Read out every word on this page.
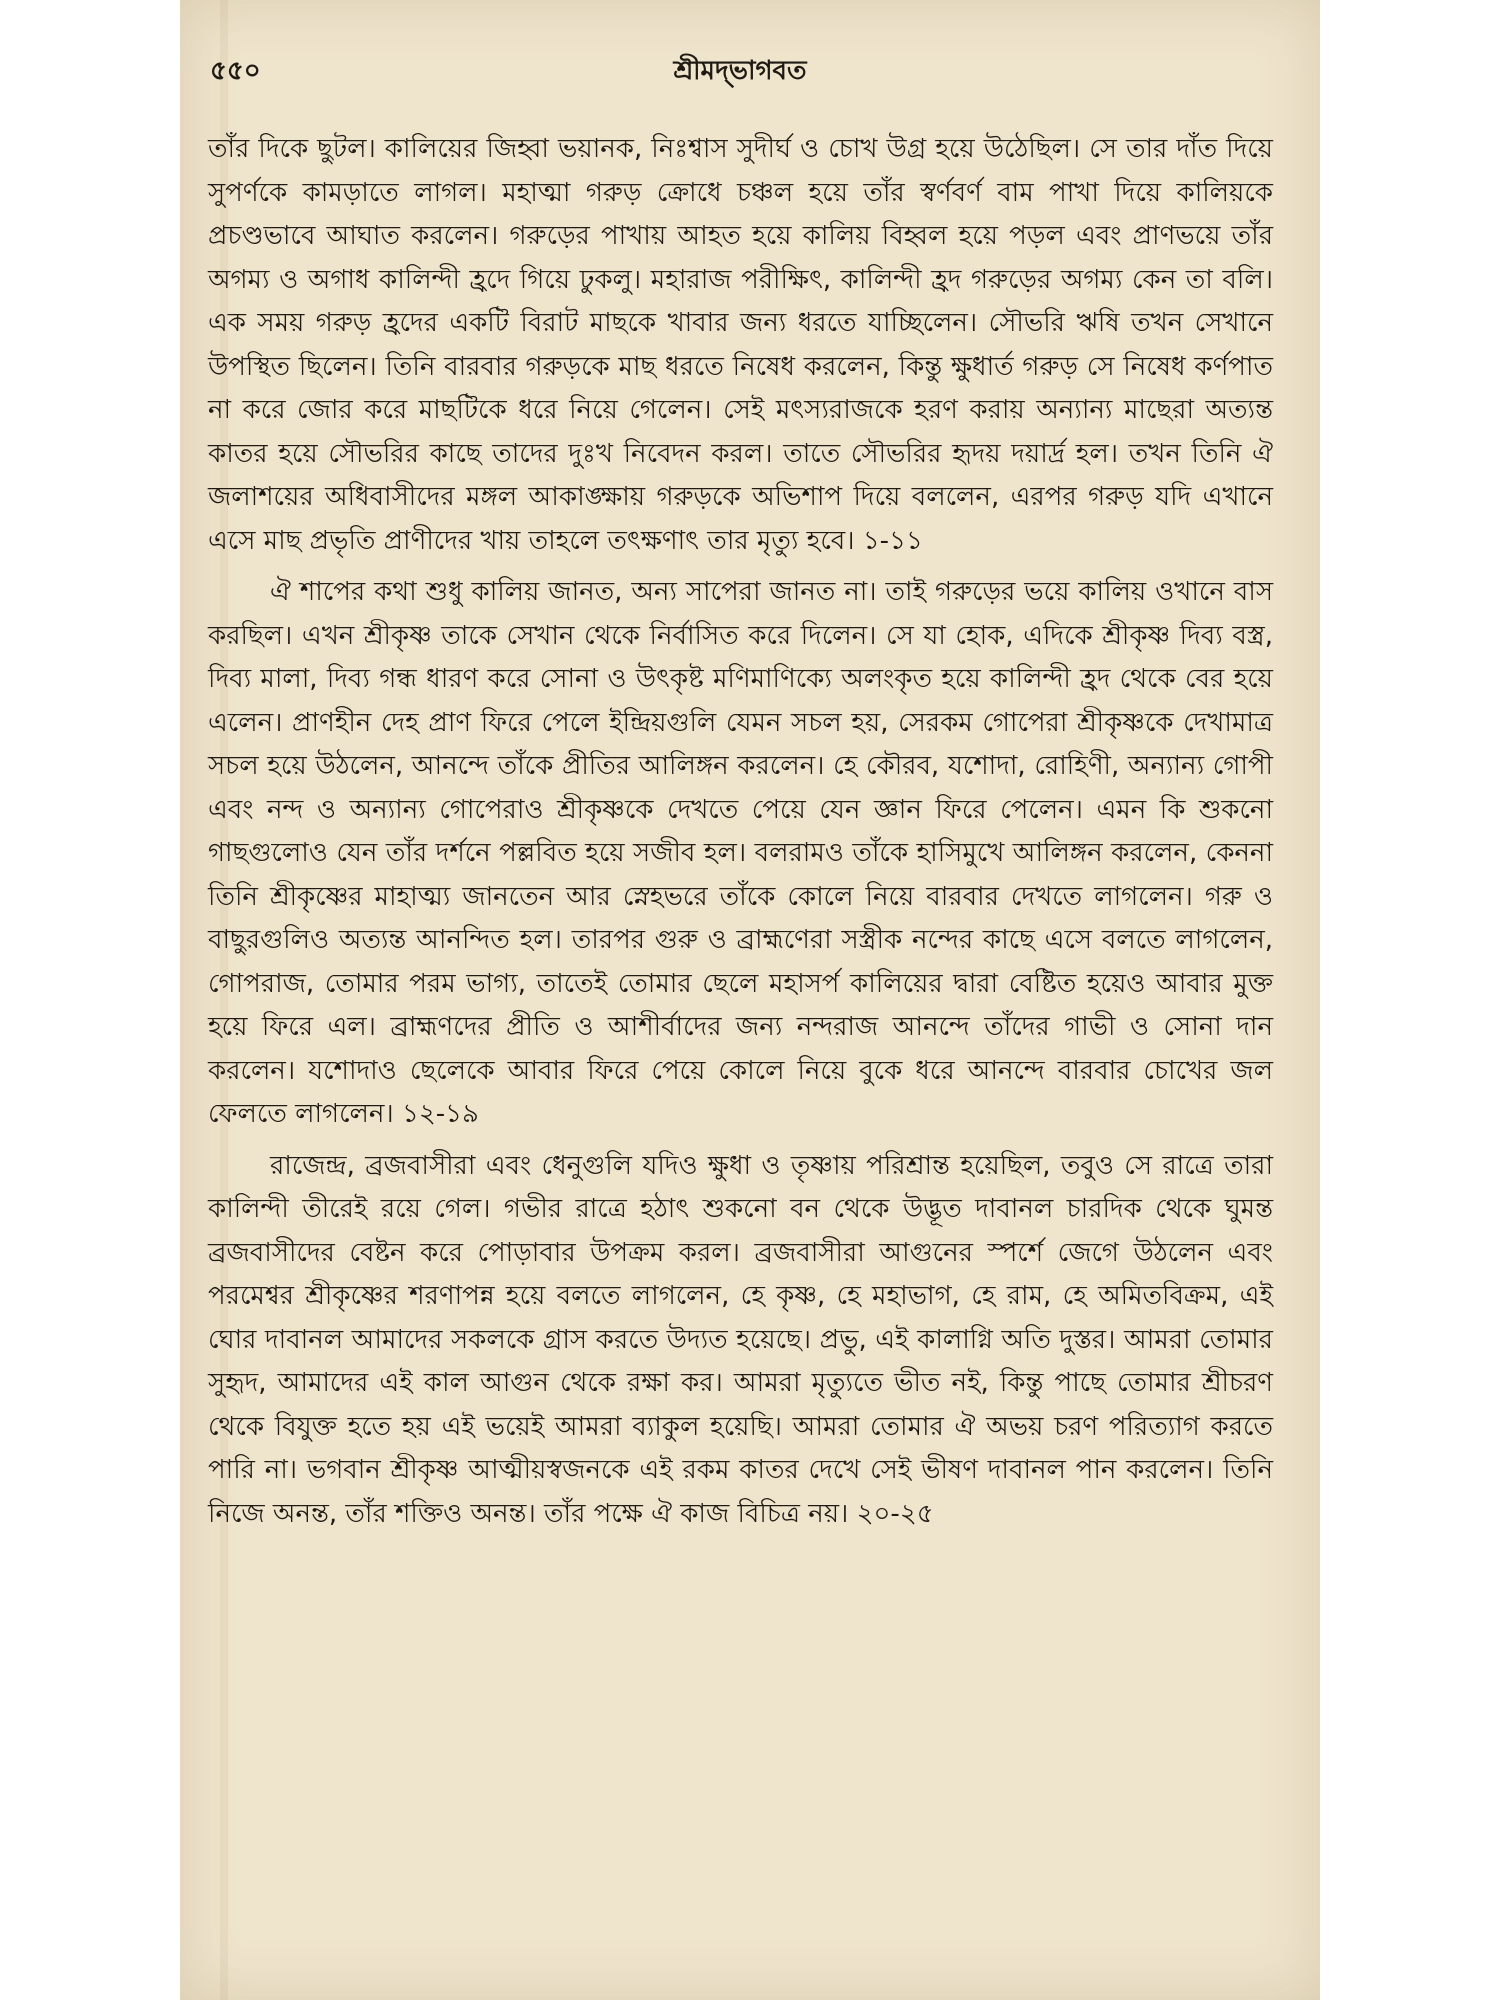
৫৫০	শ্রীমদ্‌ভাগবত

তাঁর দিকে ছুটল। কালিয়ের জিহ্বা ভয়ানক, নিঃশ্বাস সুদীর্ঘ ও চোখ উগ্র হয়ে উঠেছিল। সে তার দাঁত দিয়ে সুপর্ণকে কামড়াতে লাগল। মহাত্মা গরুড় ক্রোধে চঞ্চল হয়ে তাঁর স্বর্ণবর্ণ বাম পাখা দিয়ে কালিয়কে প্রচণ্ডভাবে আঘাত করলেন। গরুড়ের পাখায় আহত হয়ে কালিয় বিহ্বল হয়ে পড়ল এবং প্রাণভয়ে তাঁর অগম্য ও অগাধ কালিন্দী হ্রদে গিয়ে ঢুকলু। মহারাজ পরীক্ষিৎ, কালিন্দী হ্রদ গরুড়ের অগম্য কেন তা বলি। এক সময় গরুড় হ্রদের একটি বিরাট মাছকে খাবার জন্য ধরতে যাচ্ছিলেন। সৌভরি ঋষি তখন সেখানে উপস্থিত ছিলেন। তিনি বারবার গরুড়কে মাছ ধরতে নিষেধ করলেন, কিন্তু ক্ষুধার্ত গরুড় সে নিষেধ কর্ণপাত না করে জোর করে মাছটিকে ধরে নিয়ে গেলেন। সেই মৎস্যরাজকে হরণ করায় অন্যান্য মাছেরা অত্যন্ত কাতর হয়ে সৌভরির কাছে তাদের দুঃখ নিবেদন করল। তাতে সৌভরির হৃদয় দয়ার্দ্র হল। তখন তিনি ঐ জলাশয়ের অধিবাসীদের মঙ্গল আকাঙ্ক্ষায় গরুড়কে অভিশাপ দিয়ে বললেন, এরপর গরুড় যদি এখানে এসে মাছ প্রভৃতি প্রাণীদের খায় তাহলে তৎক্ষণাৎ তার মৃত্যু হবে। ১-১১

ঐ শাপের কথা শুধু কালিয় জানত, অন্য সাপেরা জানত না। তাই গরুড়ের ভয়ে কালিয় ওখানে বাস করছিল। এখন শ্রীকৃষ্ণ তাকে সেখান থেকে নির্বাসিত করে দিলেন। সে যা হোক, এদিকে শ্রীকৃষ্ণ দিব্য বস্ত্র, দিব্য মালা, দিব্য গন্ধ ধারণ করে সোনা ও উৎকৃষ্ট মণিমাণিক্যে অলংকৃত হয়ে কালিন্দী হ্রদ থেকে বের হয়ে এলেন। প্রাণহীন দেহ প্রাণ ফিরে পেলে ইন্দ্রিয়গুলি যেমন সচল হয়, সেরকম গোপেরা শ্রীকৃষ্ণকে দেখামাত্র সচল হয়ে উঠলেন, আনন্দে তাঁকে প্রীতির আলিঙ্গন করলেন। হে কৌরব, যশোদা, রোহিণী, অন্যান্য গোপী এবং নন্দ ও অন্যান্য গোপেরাও শ্রীকৃষ্ণকে দেখতে পেয়ে যেন জ্ঞান ফিরে পেলেন। এমন কি শুকনো গাছগুলোও যেন তাঁর দর্শনে পল্লবিত হয়ে সজীব হল। বলরামও তাঁকে হাসিমুখে আলিঙ্গন করলেন, কেননা তিনি শ্রীকৃষ্ণের মাহাত্ম্য জানতেন আর স্নেহভরে তাঁকে কোলে নিয়ে বারবার দেখতে লাগলেন। গরু ও বাছুরগুলিও অত্যন্ত আনন্দিত হল। তারপর গুরু ও ব্রাহ্মণেরা সস্ত্রীক নন্দের কাছে এসে বলতে লাগলেন, গোপরাজ, তোমার পরম ভাগ্য, তাতেই তোমার ছেলে মহাসর্প কালিয়ের দ্বারা বেষ্টিত হয়েও আবার মুক্ত হয়ে ফিরে এল। ব্রাহ্মণদের প্রীতি ও আশীর্বাদের জন্য নন্দরাজ আনন্দে তাঁদের গাভী ও সোনা দান করলেন। যশোদাও ছেলেকে আবার ফিরে পেয়ে কোলে নিয়ে বুকে ধরে আনন্দে বারবার চোখের জল ফেলতে লাগলেন। ১২-১৯

রাজেন্দ্র, ব্রজবাসীরা এবং ধেনুগুলি যদিও ক্ষুধা ও তৃষ্ণায় পরিশ্রান্ত হয়েছিল, তবুও সে রাত্রে তারা কালিন্দী তীরেই রয়ে গেল। গভীর রাত্রে হঠাৎ শুকনো বন থেকে উদ্ভূত দাবানল চারদিক থেকে ঘুমন্ত ব্রজবাসীদের বেষ্টন করে পোড়াবার উপক্রম করল। ব্রজবাসীরা আগুনের স্পর্শে জেগে উঠলেন এবং পরমেশ্বর শ্রীকৃষ্ণের শরণাপন্ন হয়ে বলতে লাগলেন, হে কৃষ্ণ, হে মহাভাগ, হে রাম, হে অমিতবিক্রম, এই ঘোর দাবানল আমাদের সকলকে গ্রাস করতে উদ্যত হয়েছে। প্রভু, এই কালাগ্নি অতি দুস্তর। আমরা তোমার সুহৃদ, আমাদের এই কাল আগুন থেকে রক্ষা কর। আমরা মৃত্যুতে ভীত নই, কিন্তু পাছে তোমার শ্রীচরণ থেকে বিযুক্ত হতে হয় এই ভয়েই আমরা ব্যাকুল হয়েছি। আমরা তোমার ঐ অভয় চরণ পরিত্যাগ করতে পারি না। ভগবান শ্রীকৃষ্ণ আত্মীয়স্বজনকে এই রকম কাতর দেখে সেই ভীষণ দাবানল পান করলেন। তিনি নিজে অনন্ত, তাঁর শক্তিও অনন্ত। তাঁর পক্ষে ঐ কাজ বিচিত্র নয়। ২০-২৫
